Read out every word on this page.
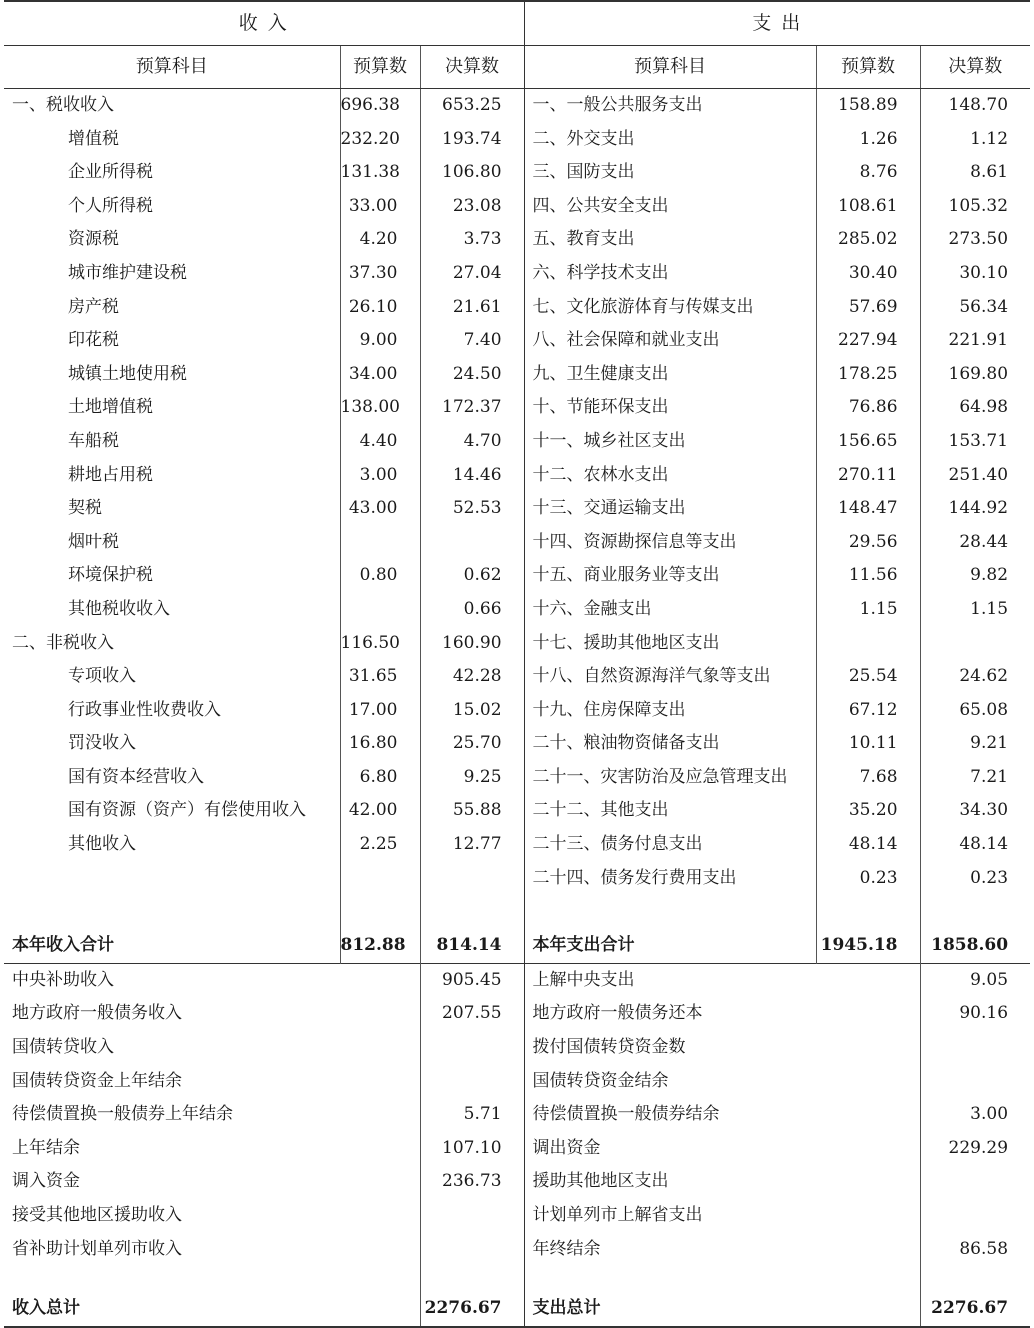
收 入			支 出		
预算科目	预算数	决算数	预算科目	预算数	决算数
一、税收收入	696.38	653.25	一、一般公共服务支出	158.89	148.70
增值税	232.20	193.74	二、外交支出	1.26	1.12
企业所得税	131.38	106.80	三、国防支出	8.76	8.61
个人所得税	33.00	23.08	四、公共安全支出	108.61	105.32
资源税	4.20	3.73	五、教育支出	285.02	273.50
城市维护建设税	37.30	27.04	六、科学技术支出	30.40	30.10
房产税	26.10	21.61	七、文化旅游体育与传媒支出	57.69	56.34
印花税	9.00	7.40	八、社会保障和就业支出	227.94	221.91
城镇土地使用税	34.00	24.50	九、卫生健康支出	178.25	169.80
土地增值税	138.00	172.37	十、节能环保支出	76.86	64.98
车船税	4.40	4.70	十一、城乡社区支出	156.65	153.71
耕地占用税	3.00	14.46	十二、农林水支出	270.11	251.40
契税	43.00	52.53	十三、交通运输支出	148.47	144.92
烟叶税			十四、资源勘探信息等支出	29.56	28.44
环境保护税	0.80	0.62	十五、商业服务业等支出	11.56	9.82
其他税收收入		0.66	十六、金融支出	1.15	1.15
二、非税收入	116.50	160.90	十七、援助其他地区支出		
专项收入	31.65	42.28	十八、自然资源海洋气象等支出	25.54	24.62
行政事业性收费收入	17.00	15.02	十九、住房保障支出	67.12	65.08
罚没收入	16.80	25.70	二十、粮油物资储备支出	10.11	9.21
国有资本经营收入	6.80	9.25	二十一、灾害防治及应急管理支出	7.68	7.21
国有资源（资产）有偿使用收入	42.00	55.88	二十二、其他支出	35.20	34.30
其他收入	2.25	12.77	二十三、债务付息支出	48.14	48.14
			二十四、债务发行费用支出	0.23	0.23

本年收入合计	812.88	814.14	本年支出合计	1945.18	1858.60
中央补助收入		905.45	上解中央支出		9.05
地方政府一般债务收入		207.55	地方政府一般债务还本		90.16
国债转贷收入			拨付国债转贷资金数		
国债转贷资金上年结余			国债转贷资金结余		
待偿债置换一般债券上年结余		5.71	待偿债置换一般债券结余		3.00
上年结余		107.10	调出资金		229.29
调入资金		236.73	援助其他地区支出		
接受其他地区援助收入			计划单列市上解省支出		
省补助计划单列市收入			年终结余		86.58

收入总计		2276.67	支出总计		2276.67
